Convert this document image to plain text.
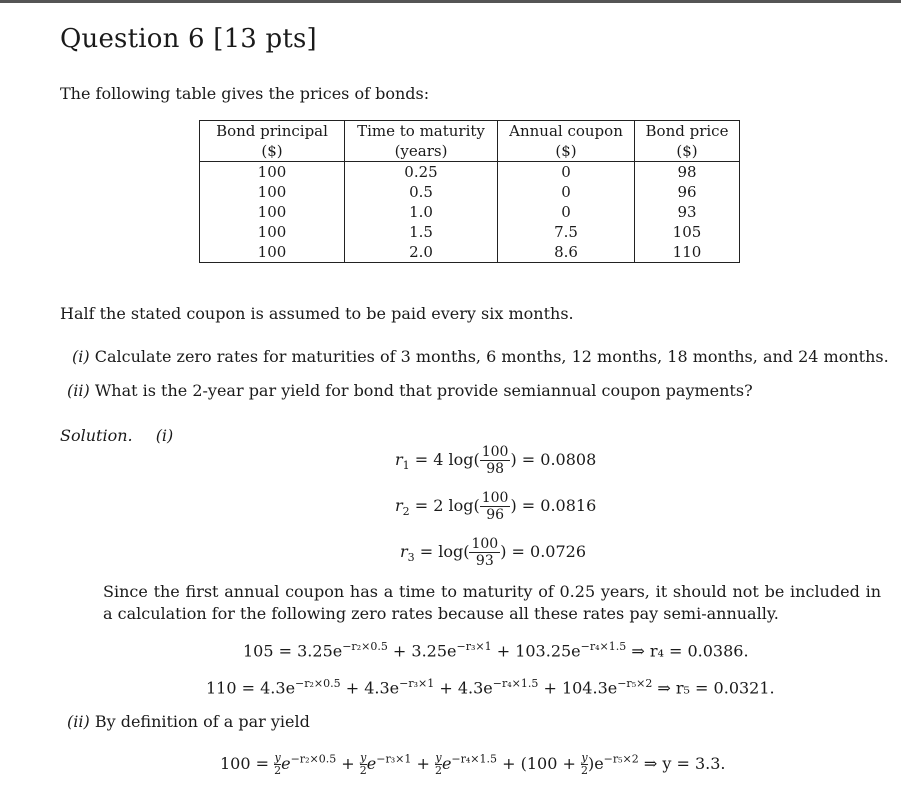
Question 6 [13 pts]
The following table gives the prices of bonds:
Bond principal	Time to maturity	Annual coupon	Bond price
($)	(years)	($)	($)
100	0.25	0	98
100	0.5	0	96
100	1.0	0	93
100	1.5	7.5	105
100	2.0	8.6	110
Half the stated coupon is assumed to be paid every six months.
(i) Calculate zero rates for maturities of 3 months, 6 months, 12 months, 18 months, and 24 months.
(ii) What is the 2-year par yield for bond that provide semiannual coupon payments?
Solution. (i)
$r_1 = 4$ $\log( \frac{100}{98}$ ) = 0.0808
$r_2 = 2$ $\log( \frac{100}{96}$ ) = 0.0816
$r_3 = \log( \frac{100}{93}$ ) = 0.0726
Since the first annual coupon has a time to maturity of 0.25 years, it should not be included in a calculation for the following zero rates because all these rates pay semi-annually.
$105 = 3.25e^{-r_2\times 0.5} + 3.25e^{-r_3\times 1} + 103.25e^{-r_4\times 1.5}$ ⇒ r₄ = 0.0386.
$110 = 4.3e^{-r_2\times 0.5} + 4.3e^{-r_3\times 1} + 4.3e^{-r_4\times 1.5} + 104.3e^{-r_5\times 2}$ ⇒ r₅ = 0.0321.
(ii) By definition of a par yield
$100 = \frac{y}{2}e^{-r_2\times 0.5} + \frac{y}{2}e^{-r_3\times 1} + \frac{y}{2}e^{-r_4\times 1.5} + (100 + \frac{y}{2})e^{-r_5\times 2}$ ⇒ y = 3.3.
